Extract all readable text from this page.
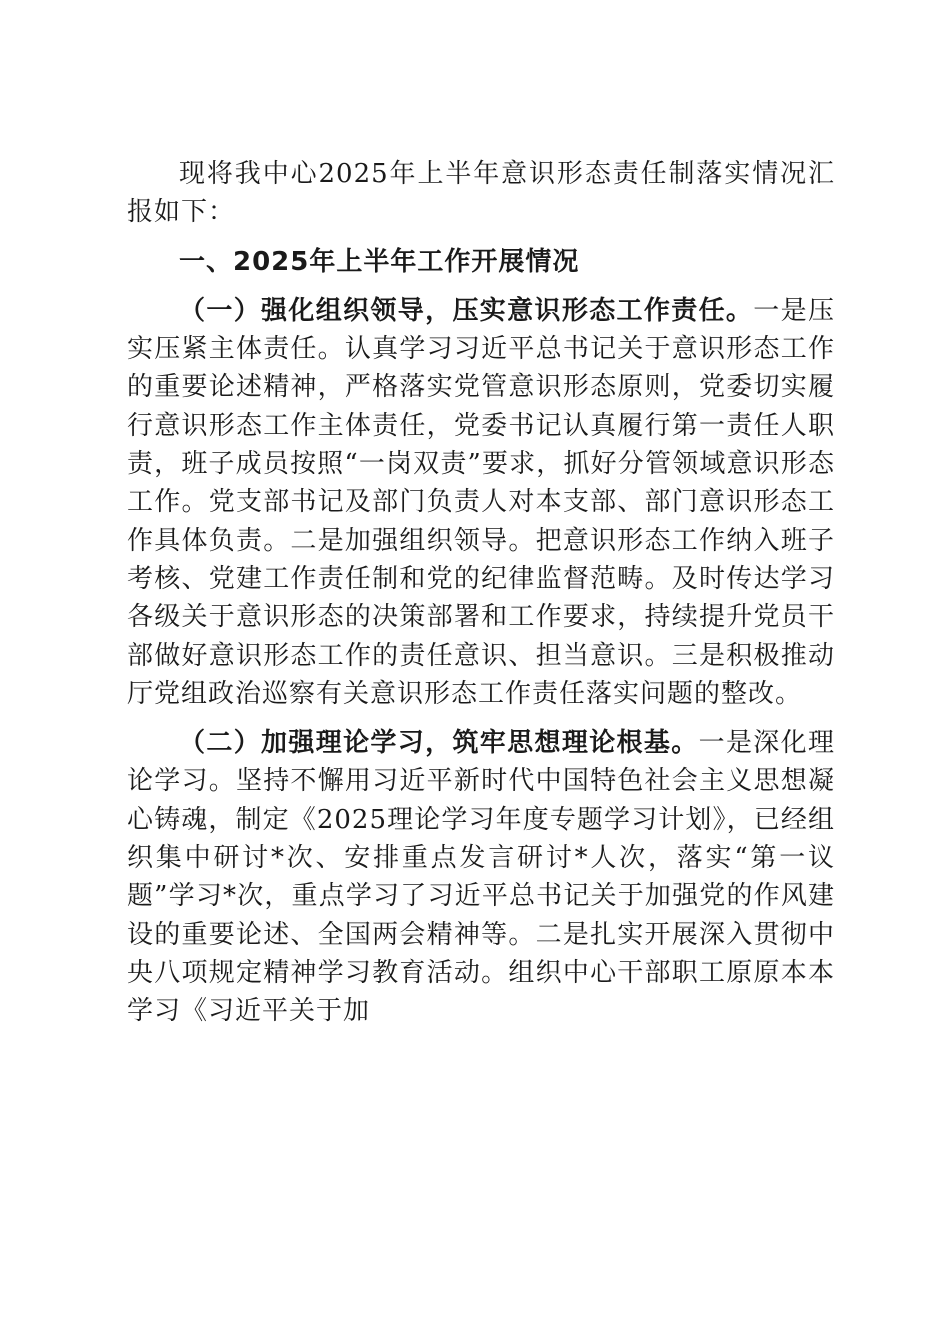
现将我中心2025年上半年意识形态责任制落实情况汇报如下：

一、2025年上半年工作开展情况

（一）强化组织领导，压实意识形态工作责任。一是压实压紧主体责任。认真学习习近平总书记关于意识形态工作的重要论述精神，严格落实党管意识形态原则，党委切实履行意识形态工作主体责任，党委书记认真履行第一责任人职责，班子成员按照“一岗双责”要求，抓好分管领域意识形态工作。党支部书记及部门负责人对本支部、部门意识形态工作具体负责。二是加强组织领导。把意识形态工作纳入班子考核、党建工作责任制和党的纪律监督范畴。及时传达学习各级关于意识形态的决策部署和工作要求，持续提升党员干部做好意识形态工作的责任意识、担当意识。三是积极推动厅党组政治巡察有关意识形态工作责任落实问题的整改。

（二）加强理论学习，筑牢思想理论根基。一是深化理论学习。坚持不懈用习近平新时代中国特色社会主义思想凝心铸魂，制定《2025理论学习年度专题学习计划》，已经组织集中研讨*次、安排重点发言研讨*人次，落实“第一议题”学习*次，重点学习了习近平总书记关于加强党的作风建设的重要论述、全国两会精神等。二是扎实开展深入贯彻中央八项规定精神学习教育活动。组织中心干部职工原原本本学习《习近平关于加
